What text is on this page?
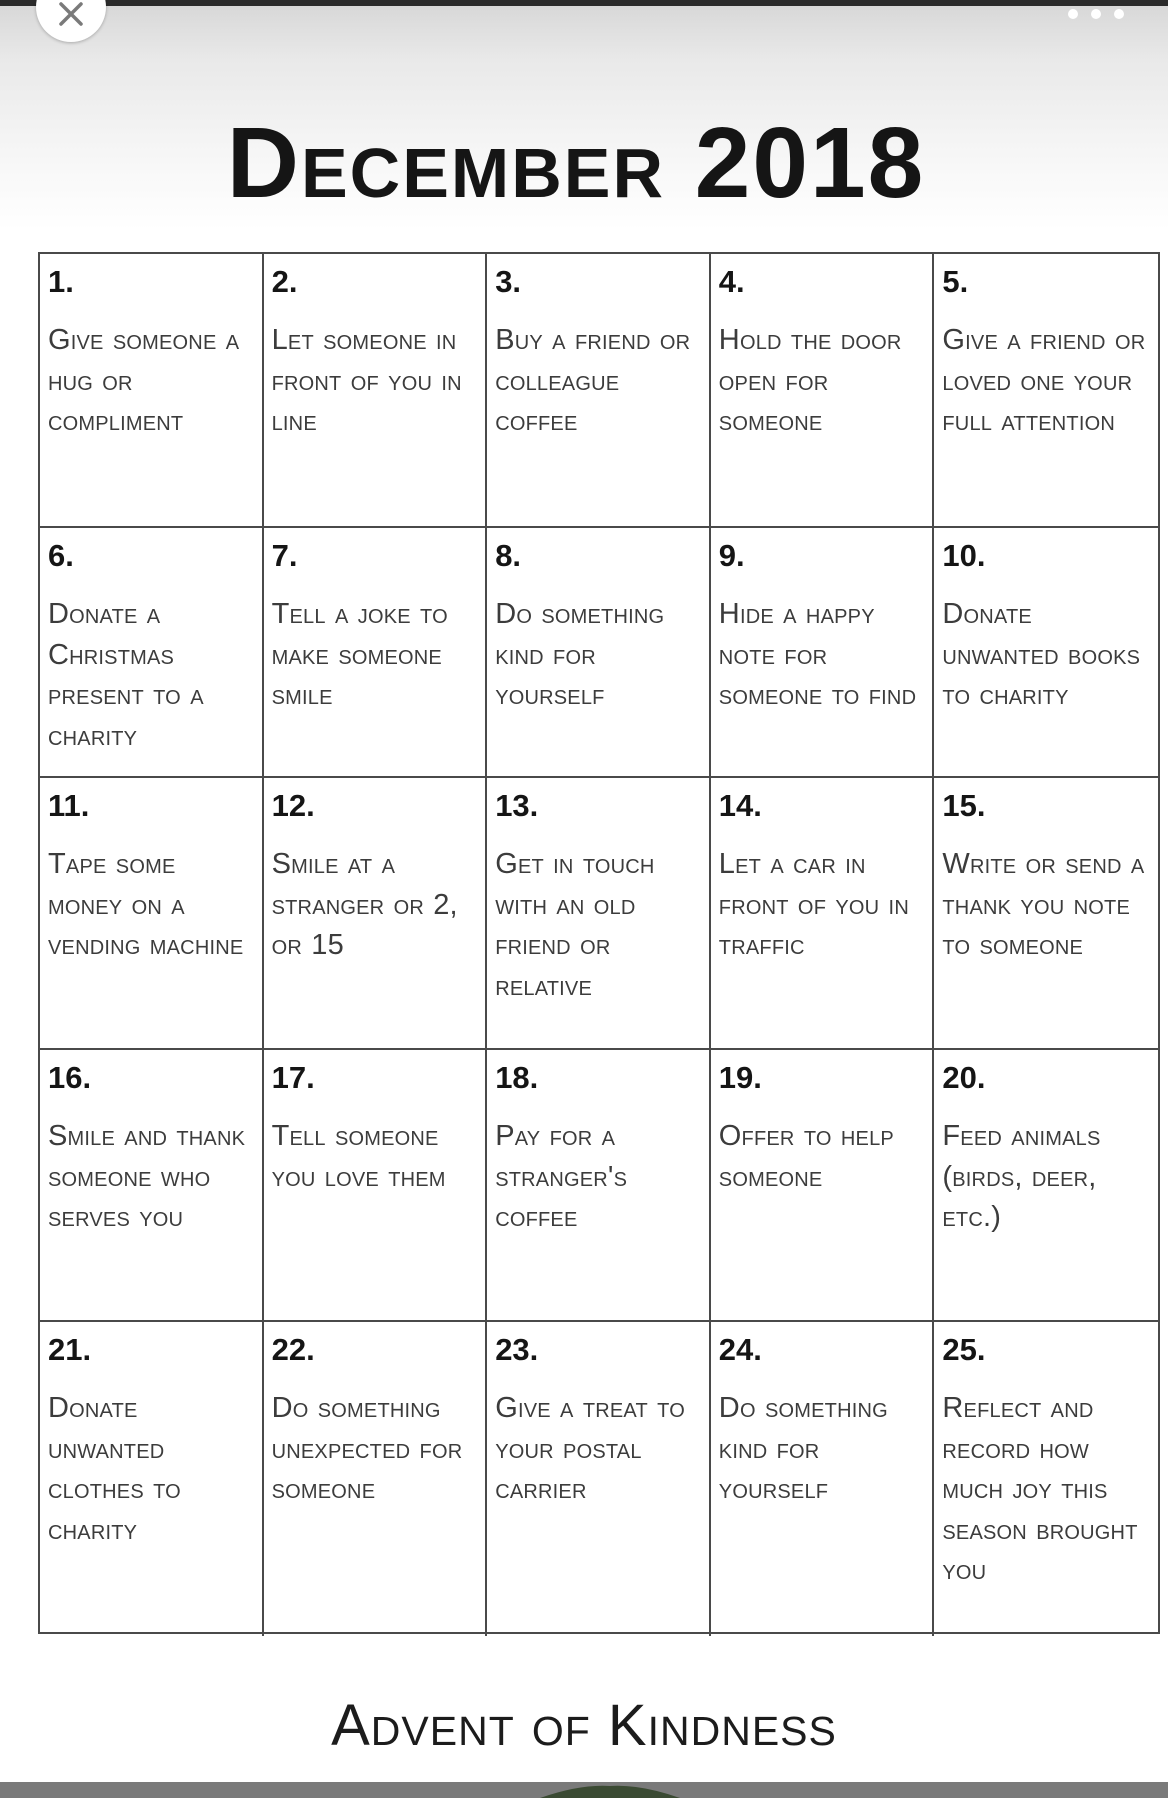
December 2018
1.
Give someone a hug or compliment
2.
Let someone in front of you in line
3.
Buy a friend or colleague coffee
4.
Hold the door open for someone
5.
Give a friend or loved one your full attention
6.
Donate a Christmas present to a charity
7.
Tell a joke to make someone smile
8.
Do something kind for yourself
9.
Hide a happy note for someone to find
10.
Donate unwanted books to charity
11.
Tape some money on a vending machine
12.
Smile at a stranger or 2, or 15
13.
Get in touch with an old friend or relative
14.
Let a car in front of you in traffic
15.
Write or send a thank you note to someone
16.
Smile and thank someone who serves you
17.
Tell someone you love them
18.
Pay for a stranger's coffee
19.
Offer to help someone
20.
Feed animals (birds, deer, etc.)
21.
Donate unwanted clothes to charity
22.
Do something unexpected for someone
23.
Give a treat to your postal carrier
24.
Do something kind for yourself
25.
Reflect and record how much joy this season brought you
Advent of Kindness
